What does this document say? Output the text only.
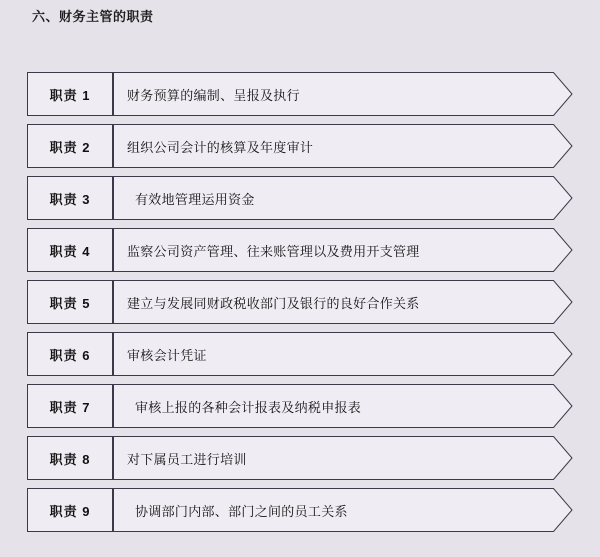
六、财务主管的职责
职责 1	财务预算的编制、呈报及执行
职责 2	组织公司会计的核算及年度审计
职责 3	有效地管理运用资金
职责 4	监察公司资产管理、往来账管理以及费用开支管理
职责 5	建立与发展同财政税收部门及银行的良好合作关系
职责 6	审核会计凭证
职责 7	审核上报的各种会计报表及纳税申报表
职责 8	对下属员工进行培训
职责 9	协调部门内部、部门之间的员工关系
